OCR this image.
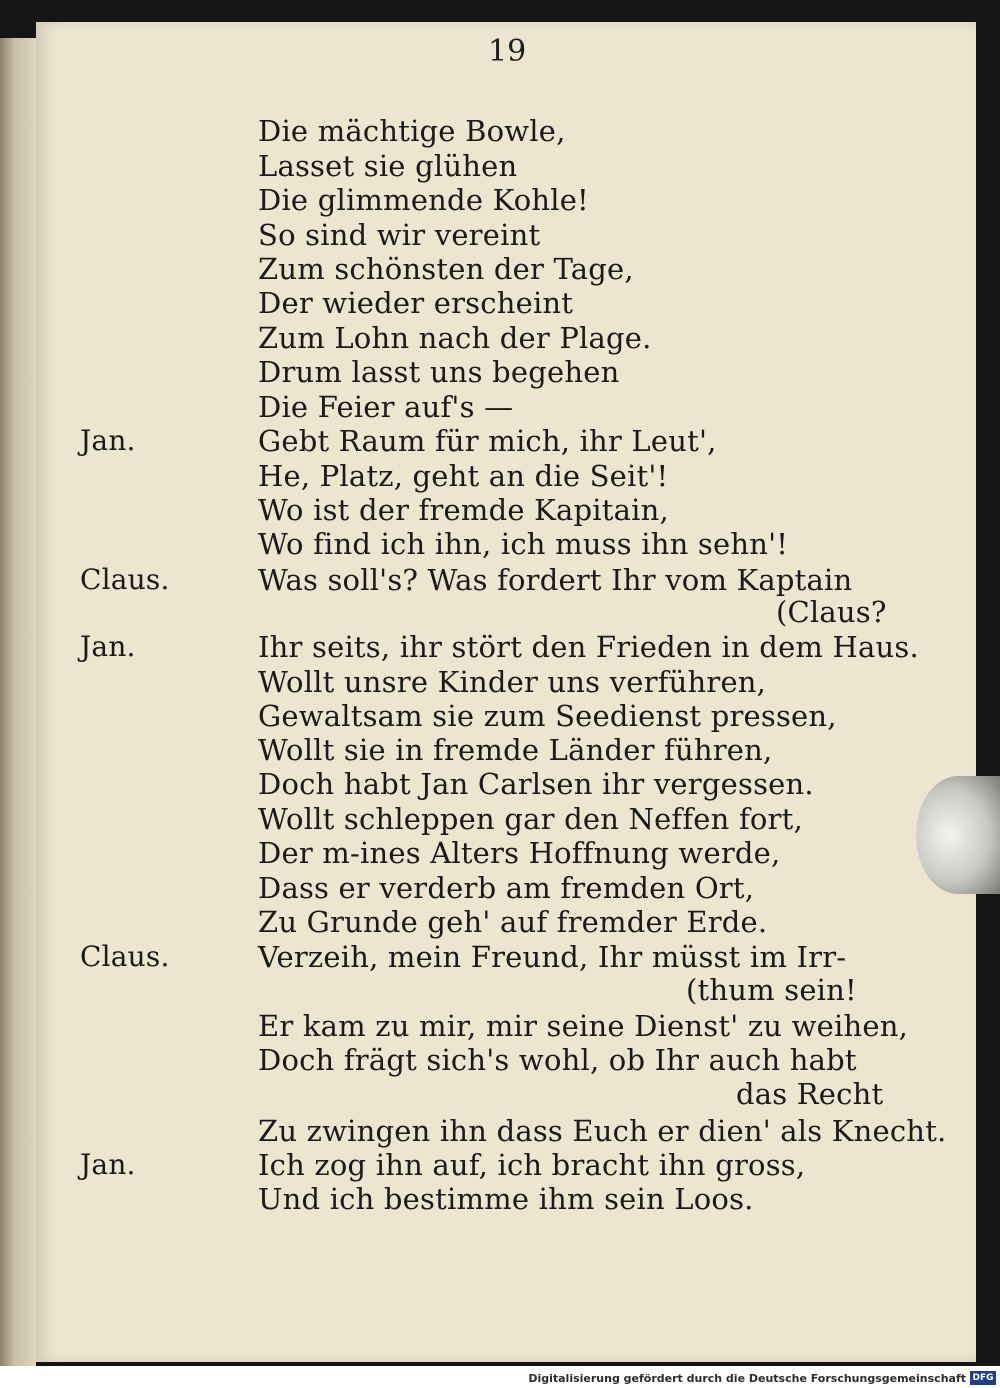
19
Die mächtige Bowle,
Lasset sie glühen
Die glimmende Kohle!
So sind wir vereint
Zum schönsten der Tage,
Der wieder erscheint
Zum Lohn nach der Plage.
Drum lasst uns begehen
Die Feier auf's —
Jan.	Gebt Raum für mich, ihr Leut',
He, Platz, geht an die Seit'!
Wo ist der fremde Kapitain,
Wo find ich ihn, ich muss ihn sehn'!
Claus.	Was soll's? Was fordert Ihr vom Kaptain
(Claus?
Jan.	Ihr seits, ihr stört den Frieden in dem Haus.
Wollt unsre Kinder uns verführen,
Gewaltsam sie zum Seedienst pressen,
Wollt sie in fremde Länder führen,
Doch habt Jan Carlsen ihr vergessen.
Wollt schleppen gar den Neffen fort,
Der m-ines Alters Hoffnung werde,
Dass er verderb am fremden Ort,
Zu Grunde geh' auf fremder Erde.
Claus.	Verzeih, mein Freund, Ihr müsst im Irr-
(thum sein!
Er kam zu mir, mir seine Dienst' zu weihen,
Doch frägt sich's wohl, ob Ihr auch habt
das Recht
Zu zwingen ihn dass Euch er dien' als Knecht.
Jan.	Ich zog ihn auf, ich bracht ihn gross,
Und ich bestimme ihm sein Loos.
Digitalisierung gefördert durch die Deutsche Forschungsgemeinschaft DFG
